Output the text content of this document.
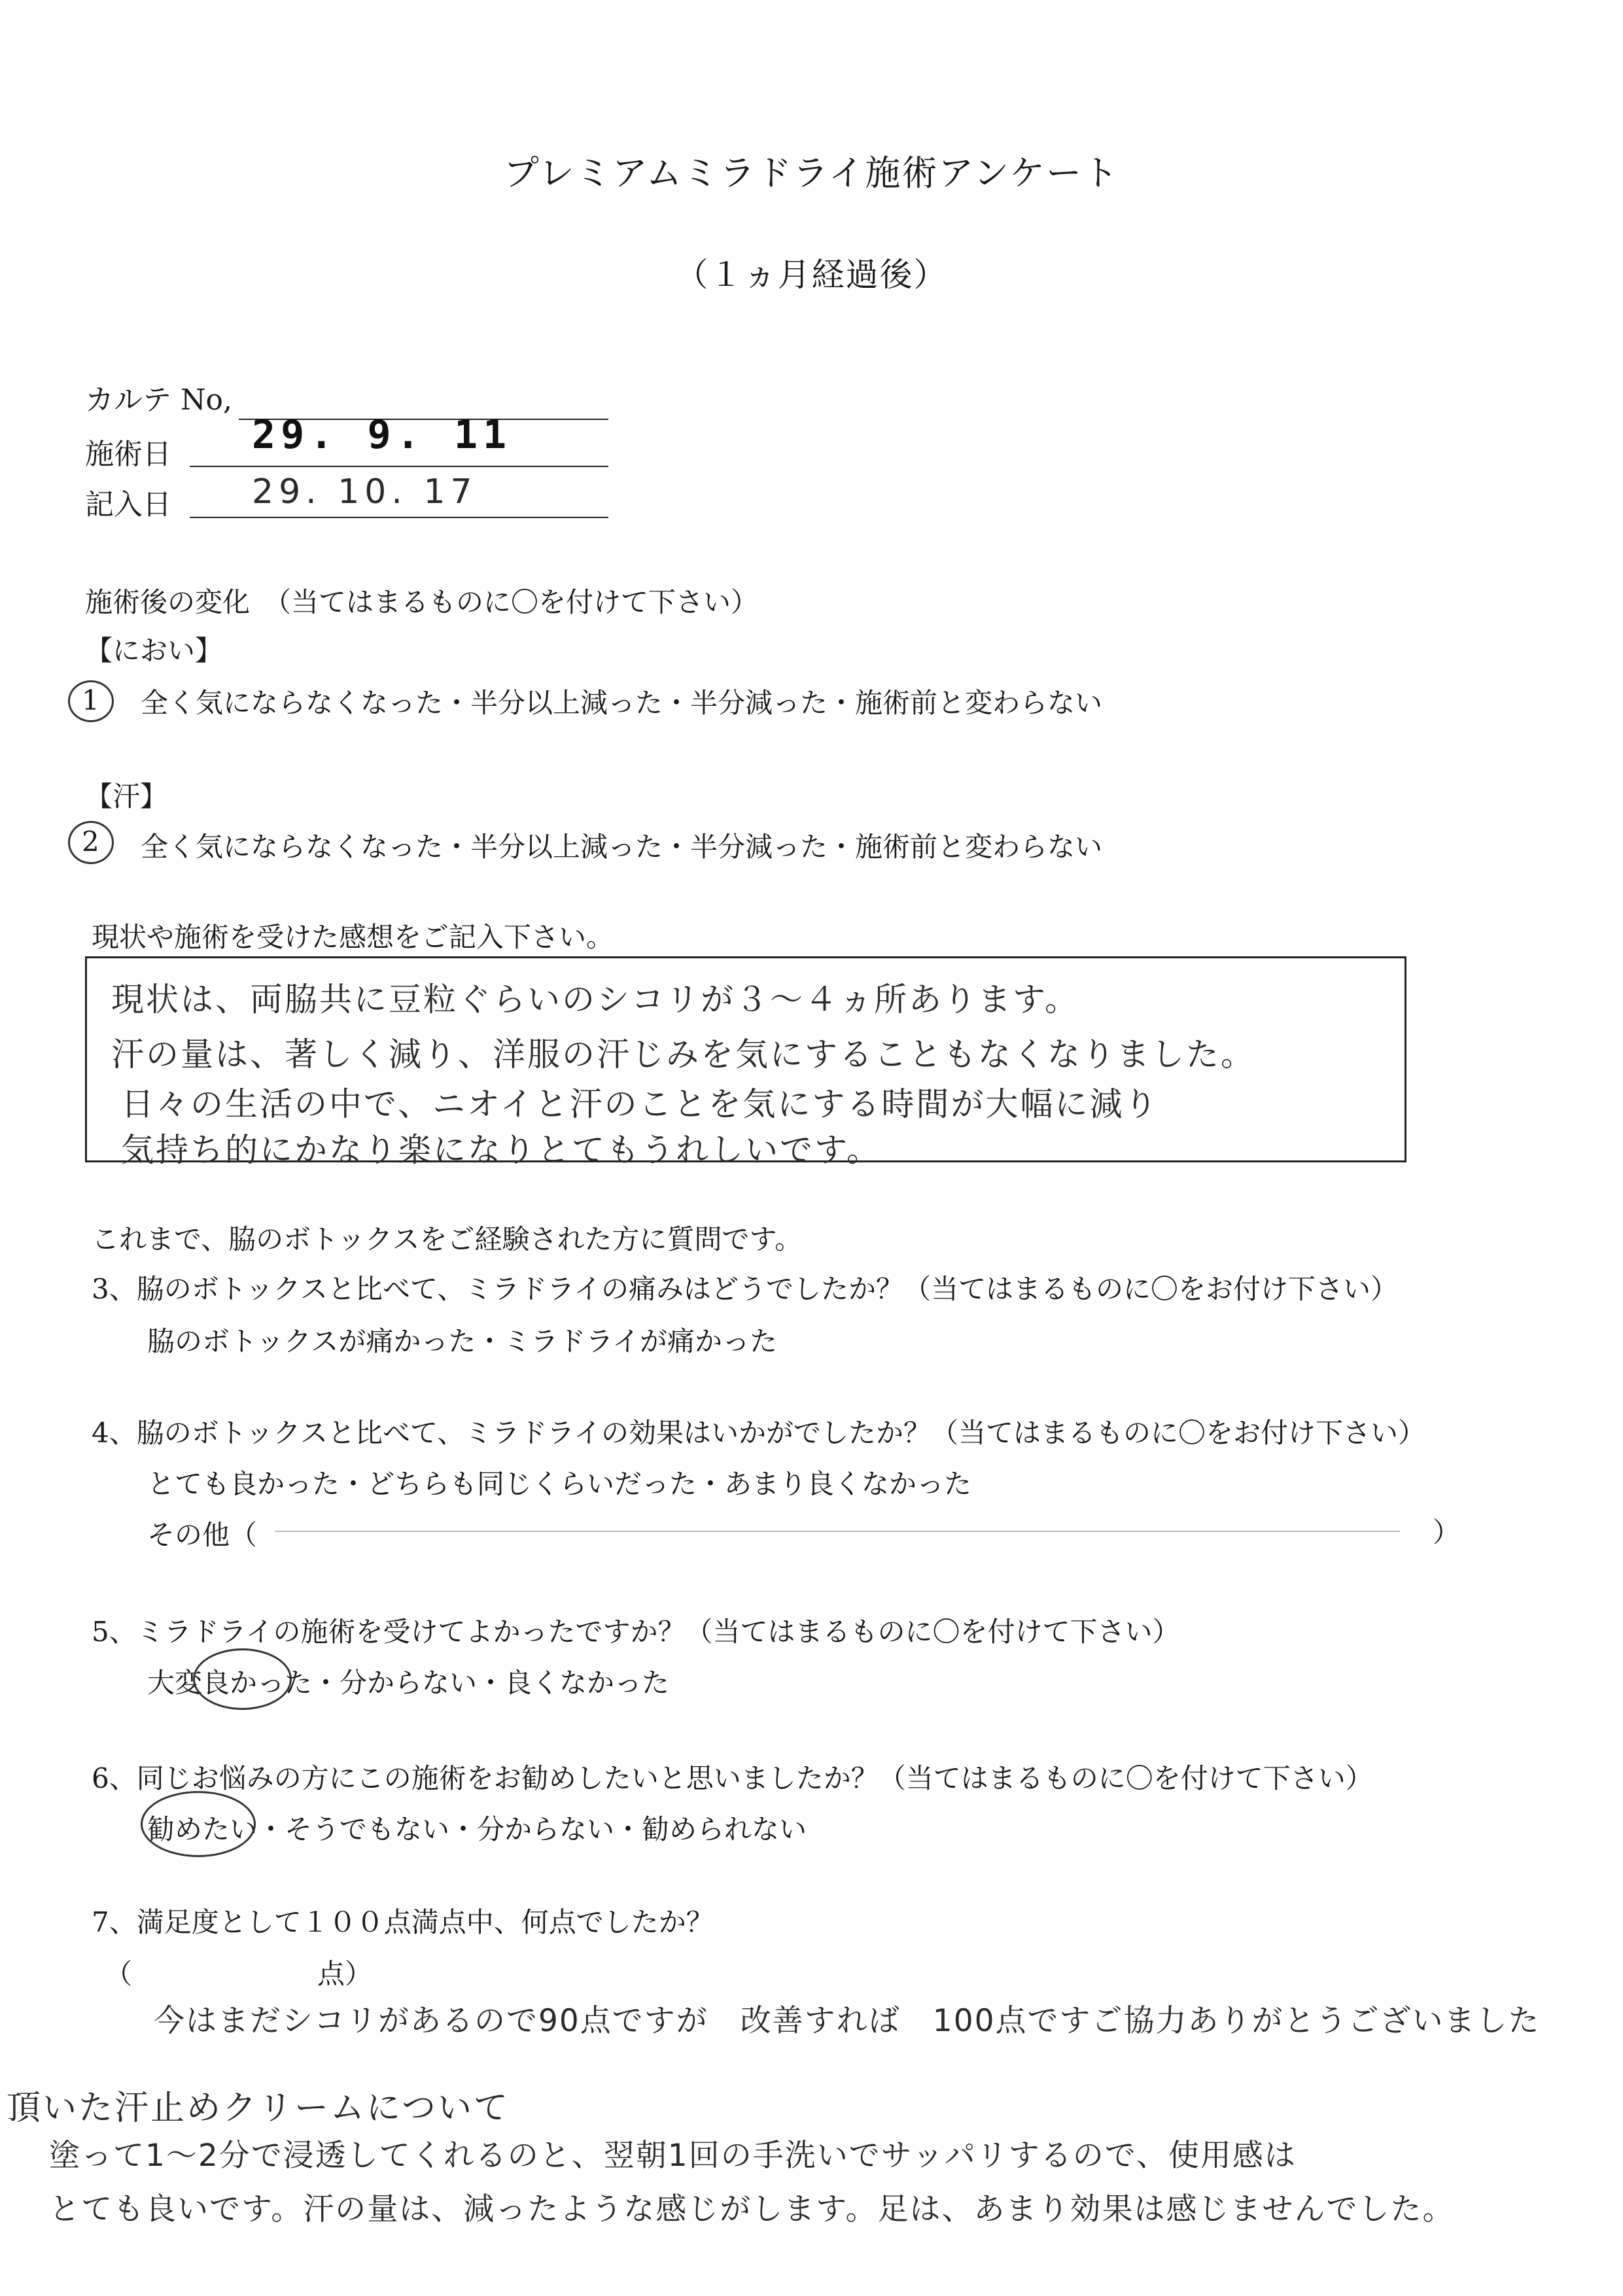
プレミアムミラドライ施術アンケート
（１ヵ月経過後）
カルテ No,
施術日 29. 9. 11
記入日 29. 10. 17
施術後の変化　（当てはまるものに〇を付けて下さい）
【におい】
1 全く気にならなくなった・半分以上減った・半分減った・施術前と変わらない
【汗】
2 全く気にならなくなった・半分以上減った・半分減った・施術前と変わらない
現状や施術を受けた感想をご記入下さい。
現状は、両脇共に豆粒ぐらいのシコリが３～４ヵ所あります。
汗の量は、著しく減り、洋服の汗じみを気にすることもなくなりました。
日々の生活の中で、ニオイと汗のことを気にする時間が大幅に減り
気持ち的にかなり楽になりとてもうれしいです。
これまで、脇のボトックスをご経験された方に質問です。
3、脇のボトックスと比べて、ミラドライの痛みはどうでしたか？（当てはまるものに〇をお付け下さい）
脇のボトックスが痛かった・ミラドライが痛かった
4、脇のボトックスと比べて、ミラドライの効果はいかがでしたか？（当てはまるものに〇をお付け下さい）
とても良かった・どちらも同じくらいだった・あまり良くなかった
その他（	）
5、ミラドライの施術を受けてよかったですか？（当てはまるものに〇を付けて下さい）
大変良かった・分からない・良くなかった
6、同じお悩みの方にこの施術をお勧めしたいと思いましたか？（当てはまるものに〇を付けて下さい）
勧めたい・そうでもない・分からない・勧められない
7、満足度として１００点満点中、何点でしたか？
（	点）
今はまだシコリがあるので90点ですが　改善すれば　100点ですご協力ありがとうございました
頂いた汗止めクリームについて
塗って1～2分で浸透してくれるのと、翌朝1回の手洗いでサッパリするので、使用感は
とても良いです。汗の量は、減ったような感じがします。足は、あまり効果は感じませんでした。
